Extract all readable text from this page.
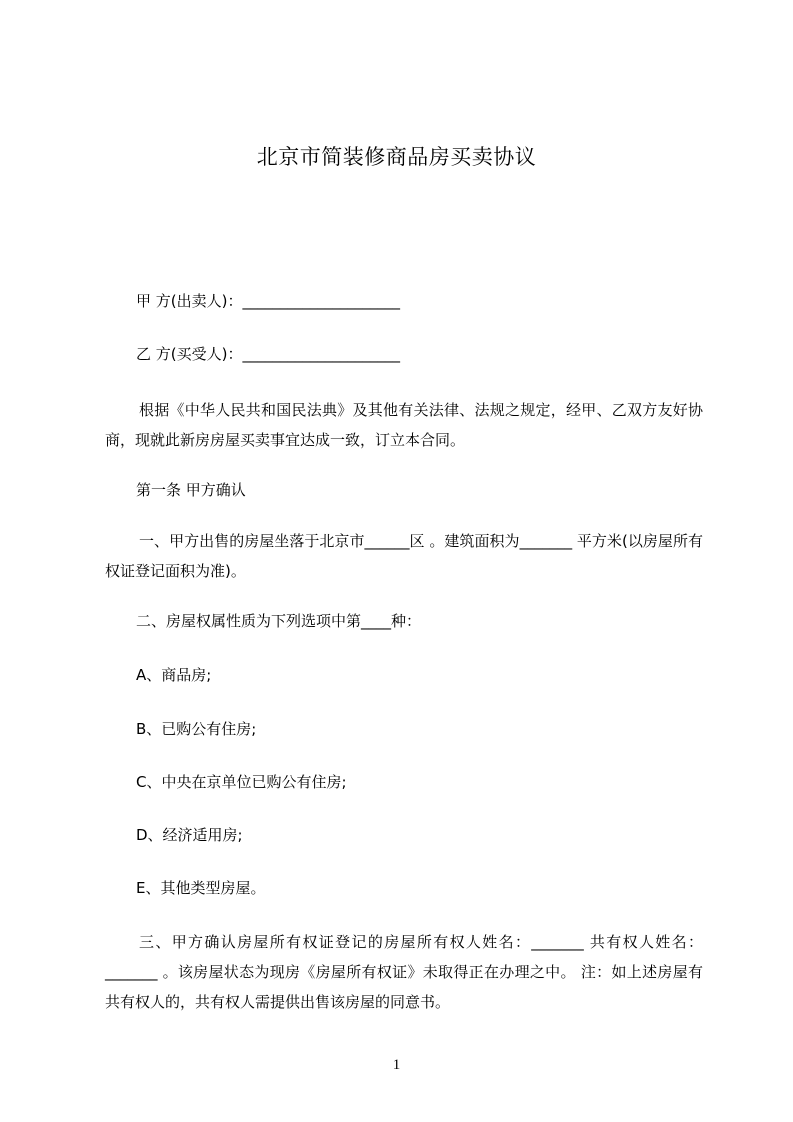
北京市简装修商品房买卖协议
甲 方(出卖人)：_____________________
乙 方(买受人)：_____________________
根据《中华人民共和国民法典》及其他有关法律、法规之规定，经甲、乙双方友好协商，现就此新房房屋买卖事宜达成一致，订立本合同。
第一条 甲方确认
一、甲方出售的房屋坐落于北京市______区 。建筑面积为_______ 平方米(以房屋所有权证登记面积为准)。
二、房屋权属性质为下列选项中第____种：
A、商品房;
B、已购公有住房;
C、中央在京单位已购公有住房;
D、经济适用房;
E、其他类型房屋。
三、甲方确认房屋所有权证登记的房屋所有权人姓名：_______ 共有权人姓名：_______ 。该房屋状态为现房《房屋所有权证》未取得正在办理之中。 注：如上述房屋有共有权人的，共有权人需提供出售该房屋的同意书。
1
